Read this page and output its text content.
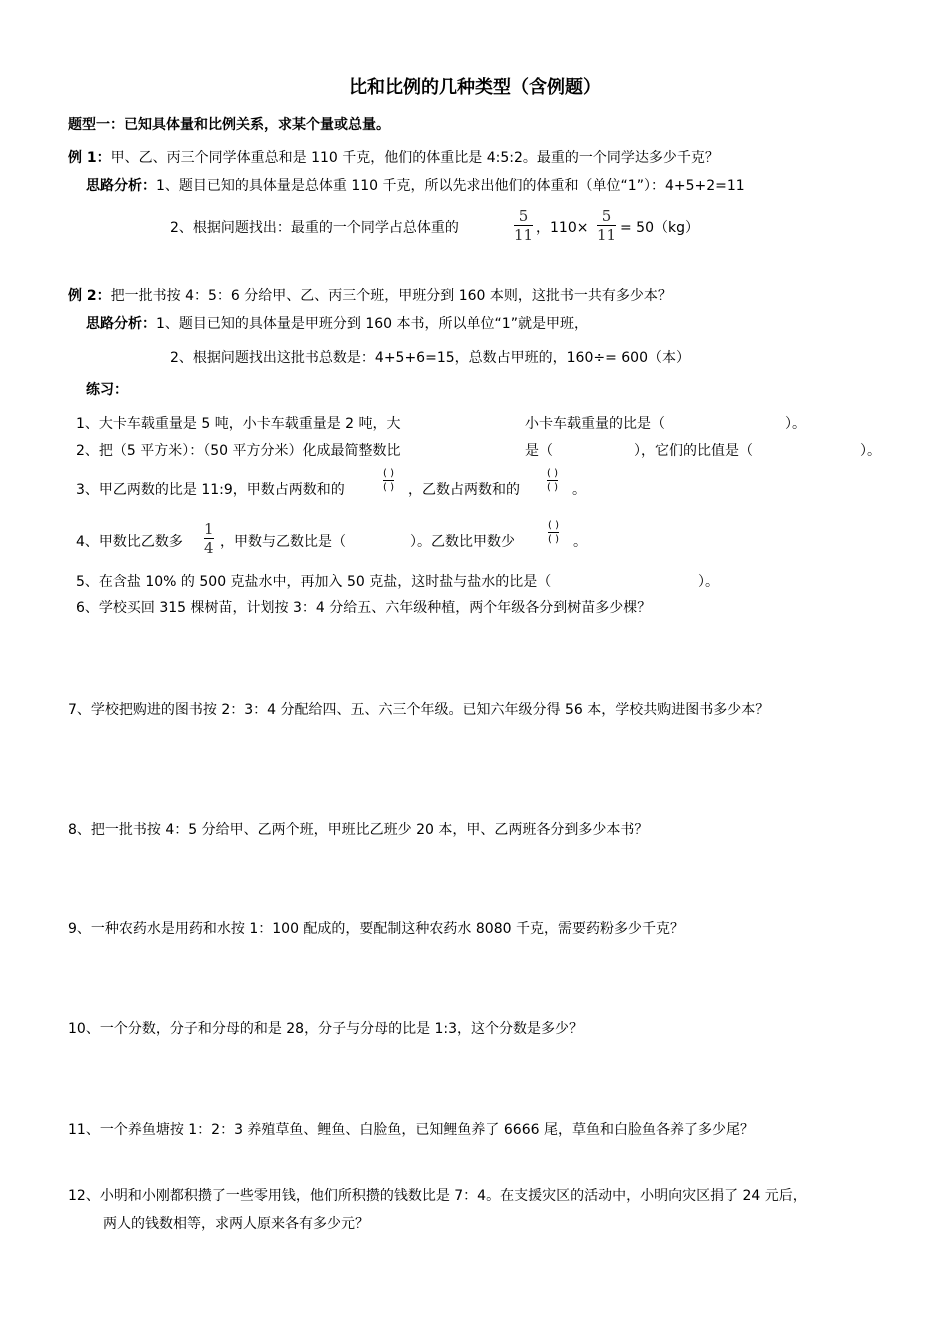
比和比例的几种类型（含例题）
题型一：已知具体量和比例关系，求某个量或总量。
例 1：甲、乙、丙三个同学体重总和是 110 千克，他们的体重比是 4:5:2。最重的一个同学达多少千克？
思路分析：1、题目已知的具体量是总体重 110 千克，所以先求出他们的体重和（单位“1”）：4+5+2=11
2、根据问题找出：最重的一个同学占总体重的
5
11 ，110×
5
11 = 50（kg）
例 2：把一批书按 4：5：6 分给甲、乙、丙三个班，甲班分到 160 本则，这批书一共有多少本？
思路分析：1、题目已知的具体量是甲班分到 160 本书，所以单位“1”就是甲班，
2、根据问题找出这批书总数是：4+5+6=15，总数占甲班的，160÷= 600（本）
练习：
1、大卡车载重量是 5 吨，小卡车载重量是 2 吨，大	小卡车载重量的比是（	）。
2、把（5 平方米）：（50 平方分米）化成最简整数比	是（	），它们的比值是（	）。
3、甲乙两数的比是 11:9，甲数占两数和的
( )
( ) ，乙数占两数和的
( )
( ) 。
4、甲数比乙数多
1
4 ，甲数与乙数比是（	）。乙数比甲数少
( )
( ) 。
5、在含盐 10% 的 500 克盐水中，再加入 50 克盐，这时盐与盐水的比是（	）。
6、学校买回 315 棵树苗，计划按 3：4 分给五、六年级种植，两个年级各分到树苗多少棵？
7、学校把购进的图书按 2：3：4 分配给四、五、六三个年级。已知六年级分得 56 本，学校共购进图书多少本？
8、把一批书按 4：5 分给甲、乙两个班，甲班比乙班少 20 本，甲、乙两班各分到多少本书？
9、一种农药水是用药和水按 1：100 配成的，要配制这种农药水 8080 千克，需要药粉多少千克？
10、一个分数，分子和分母的和是 28，分子与分母的比是 1:3，这个分数是多少？
11、一个养鱼塘按 1：2：3 养殖草鱼、鲤鱼、白脸鱼，已知鲤鱼养了 6666 尾，草鱼和白脸鱼各养了多少尾？
12、小明和小刚都积攒了一些零用钱，他们所积攒的钱数比是 7：4。在支援灾区的活动中，小明向灾区捐了 24 元后，
两人的钱数相等，求两人原来各有多少元？
